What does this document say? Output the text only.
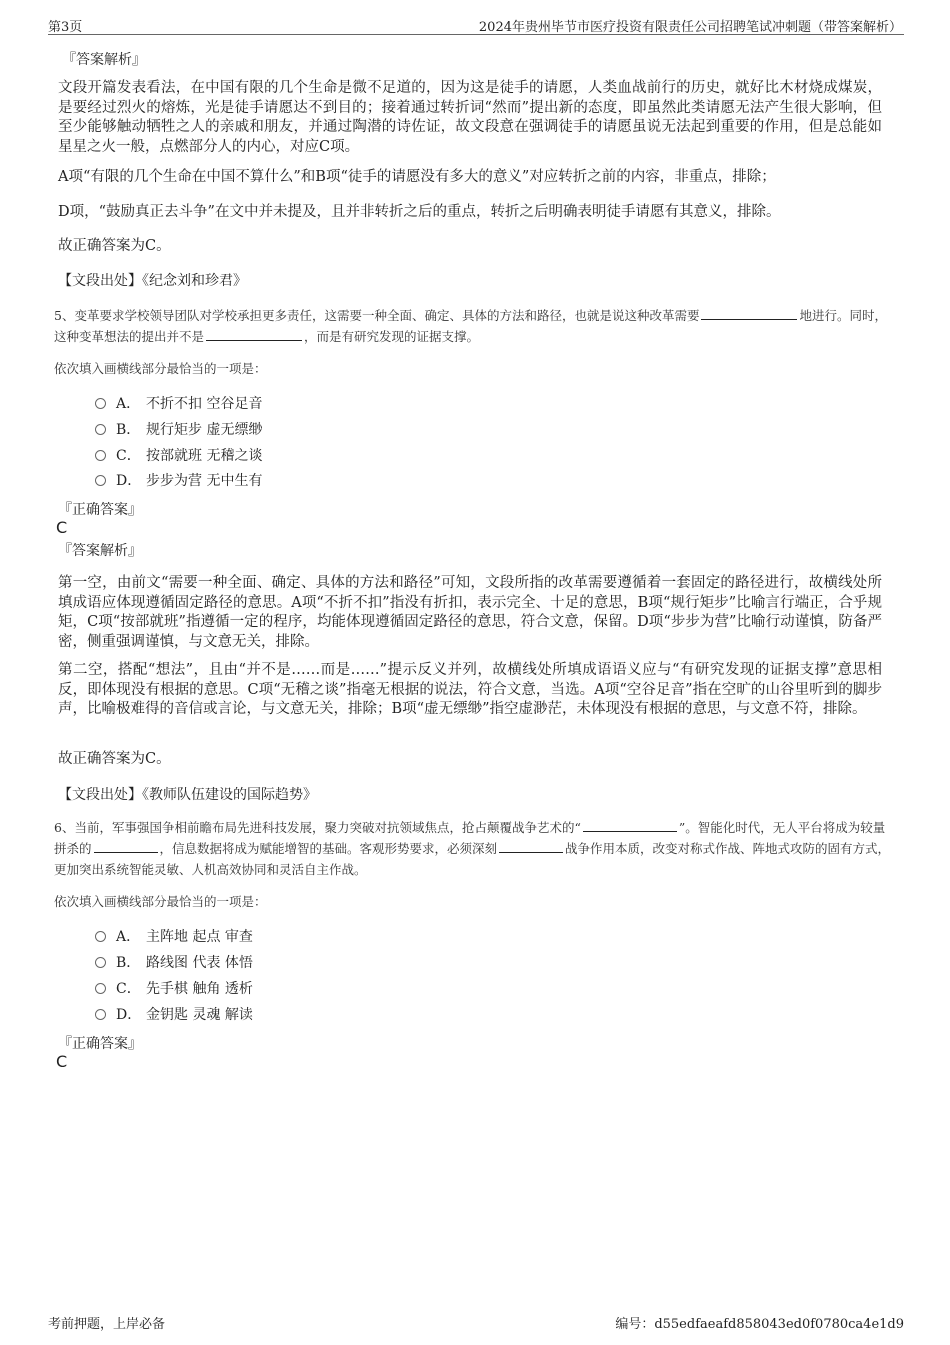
第3页	2024年贵州毕节市医疗投资有限责任公司招聘笔试冲刺题（带答案解析）
『答案解析』
文段开篇发表看法，在中国有限的几个生命是微不足道的，因为这是徒手的请愿，人类血战前行的历史，就好比木材烧成煤炭，是要经过烈火的熔炼，光是徒手请愿达不到目的；接着通过转折词“然而”提出新的态度，即虽然此类请愿无法产生很大影响，但至少能够触动牺牲之人的亲戚和朋友，并通过陶潜的诗佐证，故文段意在强调徒手的请愿虽说无法起到重要的作用，但是总能如星星之火一般，点燃部分人的内心，对应C项。
A项“有限的几个生命在中国不算什么”和B项“徒手的请愿没有多大的意义”对应转折之前的内容，非重点，排除；
D项，“鼓励真正去斗争”在文中并未提及，且并非转折之后的重点，转折之后明确表明徒手请愿有其意义，排除。
故正确答案为C。
【文段出处】《纪念刘和珍君》
5、变革要求学校领导团队对学校承担更多责任，这需要一种全面、确定、具体的方法和路径，也就是说这种改革需要	地进行。同时，这种变革想法的提出并不是	，而是有研究发现的证据支撑。
依次填入画横线部分最恰当的一项是：
A． 不折不扣 空谷足音
B． 规行矩步 虚无缥缈
C． 按部就班 无稽之谈
D． 步步为营 无中生有
『正确答案』
C
『答案解析』
第一空，由前文“需要一种全面、确定、具体的方法和路径”可知，文段所指的改革需要遵循着一套固定的路径进行，故横线处所填成语应体现遵循固定路径的意思。A项“不折不扣”指没有折扣，表示完全、十足的意思，B项“规行矩步”比喻言行端正，合乎规矩，C项“按部就班”指遵循一定的程序，均能体现遵循固定路径的意思，符合文意，保留。D项“步步为营”比喻行动谨慎，防备严密，侧重强调谨慎，与文意无关，排除。
第二空，搭配“想法”，且由“并不是……而是……”提示反义并列，故横线处所填成语语义应与“有研究发现的证据支撑”意思相反，即体现没有根据的意思。C项“无稽之谈”指毫无根据的说法，符合文意，当选。A项“空谷足音”指在空旷的山谷里听到的脚步声，比喻极难得的音信或言论，与文意无关，排除；B项“虚无缥缈”指空虚渺茫，未体现没有根据的意思，与文意不符，排除。
故正确答案为C。
【文段出处】《教师队伍建设的国际趋势》
6、当前，军事强国争相前瞻布局先进科技发展，聚力突破对抗领域焦点，抢占颠覆战争艺术的“	”。智能化时代，无人平台将成为较量拼杀的	，信息数据将成为赋能增智的基础。客观形势要求，必须深刻	战争作用本质，改变对称式作战、阵地式攻防的固有方式，更加突出系统智能灵敏、人机高效协同和灵活自主作战。
依次填入画横线部分最恰当的一项是：
A． 主阵地 起点 审查
B． 路线图 代表 体悟
C． 先手棋 触角 透析
D． 金钥匙 灵魂 解读
『正确答案』
C
考前押题，上岸必备	编号：d55edfaeafd858043ed0f0780ca4e1d9
